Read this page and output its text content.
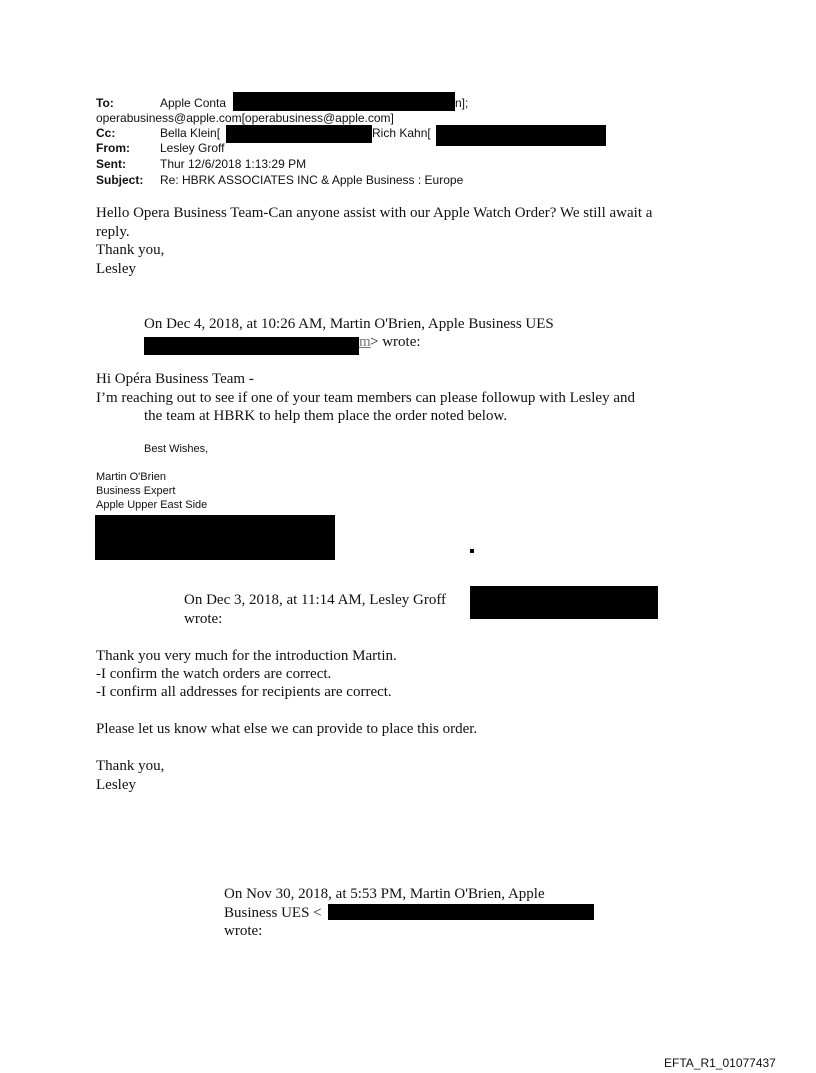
To:	Apple Conta	n];
operabusiness@apple.com[operabusiness@apple.com]
Cc:	Bella Klein[	Rich Kahn[
From:	Lesley Groff
Sent:	Thur 12/6/2018 1:13:29 PM
Subject: Re: HBRK ASSOCIATES INC & Apple Business : Europe
Hello Opera Business Team-Can anyone assist with our Apple Watch Order? We still await a
reply.
Thank you,
Lesley
On Dec 4, 2018, at 10:26 AM, Martin O'Brien, Apple Business UES
m > wrote:
Hi Opéra Business Team -
I’m reaching out to see if one of your team members can please followup with Lesley and
the team at HBRK to help them place the order noted below.
Best Wishes,
Martin O'Brien
Business Expert
Apple Upper East Side
On Dec 3, 2018, at 11:14 AM, Lesley Groff
wrote:
Thank you very much for the introduction Martin.
-I confirm the watch orders are correct.
-I confirm all addresses for recipients are correct.
Please let us know what else we can provide to place this order.
Thank you,
Lesley
On Nov 30, 2018, at 5:53 PM, Martin O'Brien, Apple
Business UES <
wrote:
EFTA_R1_01077437
